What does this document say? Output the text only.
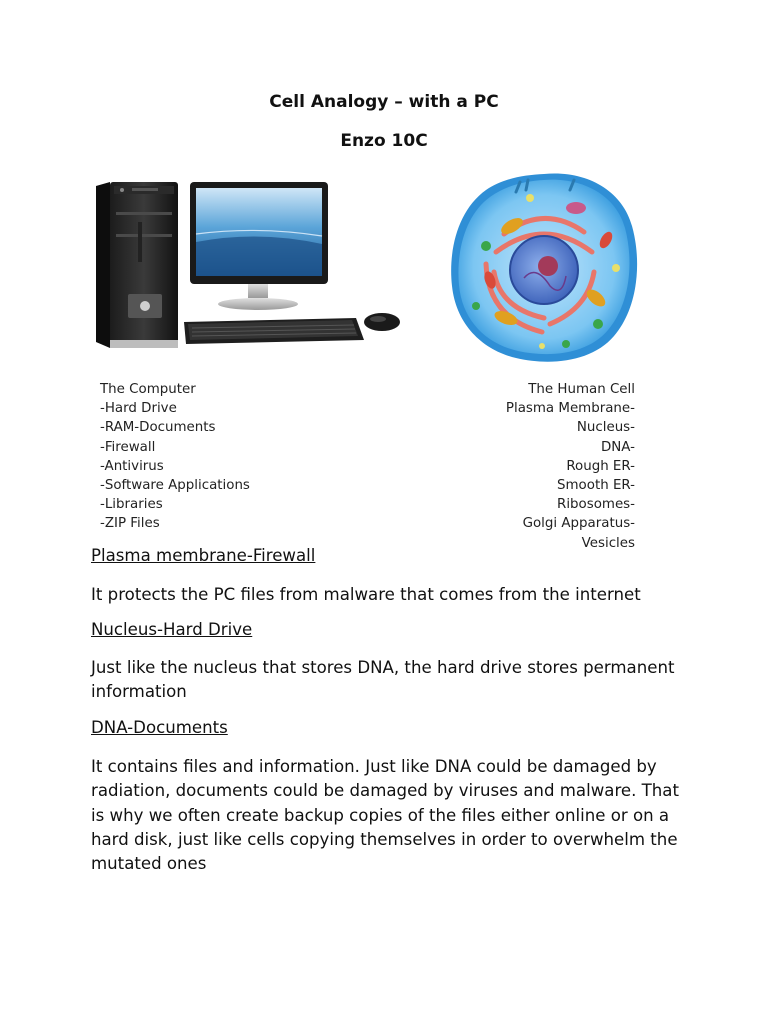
Cell Analogy – with a PC
Enzo 10C
The Computer
-Hard Drive
-RAM-Documents
-Firewall
-Antivirus
-Software Applications
-Libraries
-ZIP Files
The Human Cell
Plasma Membrane-
Nucleus-
DNA-
Rough ER-
Smooth ER-
Ribosomes-
Golgi Apparatus-
Vesicles
Plasma membrane-Firewall

It protects the PC files from malware that comes from the internet

Nucleus-Hard Drive

Just like the nucleus that stores DNA, the hard drive stores permanent information

DNA-Documents

It contains files and information. Just like DNA could be damaged by radiation, documents could be damaged by viruses and malware. That is why we often create backup copies of the files either online or on a hard disk, just like cells copying themselves in order to overwhelm the mutated ones
